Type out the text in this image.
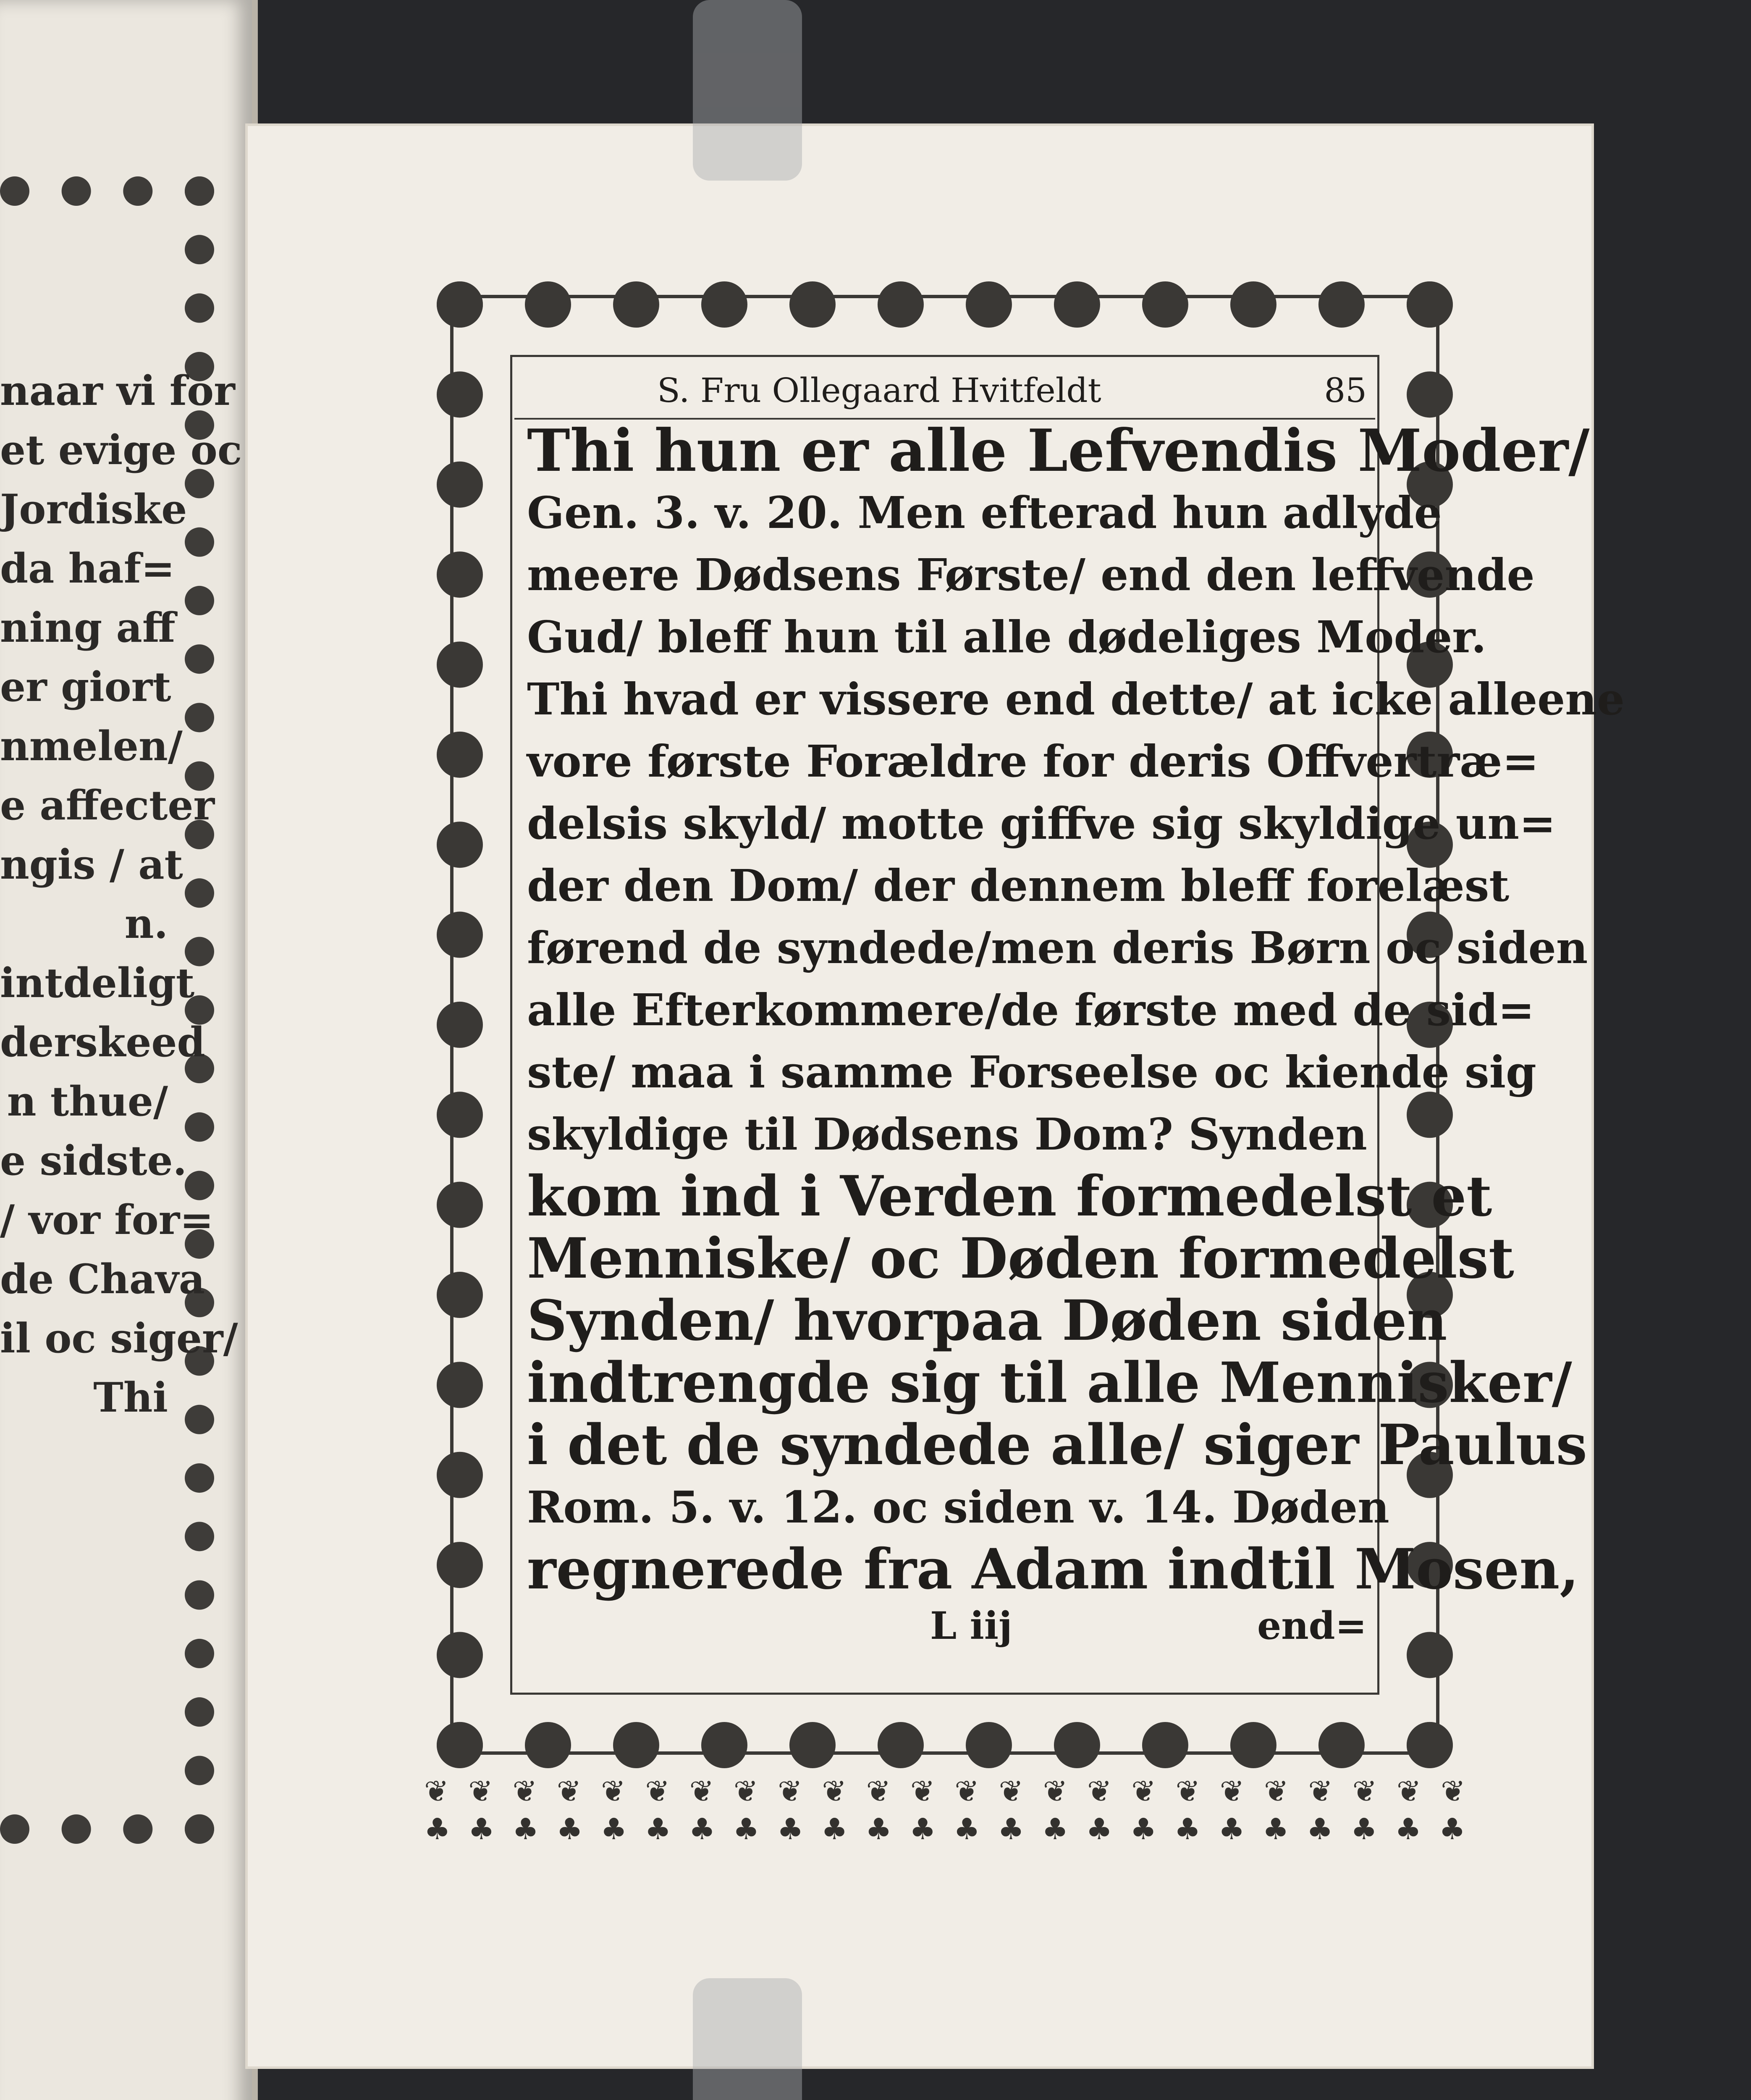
naar vi for
et evige oc
Jordiske
da haf=
ning aff
er giort
nmelen/
e affecter
ngis / at
n.
intdeligt
derskeed
n thue/
e sidste.
/ vor for=
de Chava
il oc siger/
Thi
❦ ❦ ❦ ❦ ❦ ❦ ❦ ❦ ❦ ❦ ❦ ❦ ❦ ❦ ❦ ❦ ❦ ❦ ❦ ❦ ❦ ❦ ❦ ❦
♣ ♣ ♣ ♣ ♣ ♣ ♣ ♣ ♣ ♣ ♣ ♣ ♣ ♣ ♣ ♣ ♣ ♣ ♣ ♣ ♣ ♣ ♣ ♣
S. Fru Ollegaard Hvitfeldt	85
Thi hun er alle Lefvendis Moder/
Gen. 3. v. 20. Men efterad hun adlyde
meere Dødsens Første/ end den leffvende
Gud/ bleff hun til alle dødeliges Moder.
Thi hvad er vissere end dette/ at icke alleene
vore første Forældre for deris Offvertræ=
delsis skyld/ motte giffve sig skyldige un=
der den Dom/ der dennem bleff forelæst
førend de syndede/men deris Børn oc siden
alle Efterkommere/de første med de sid=
ste/ maa i samme Forseelse oc kiende sig
skyldige til Dødsens Dom? Synden
kom ind i Verden formedelst et
Menniske/ oc Døden formedelst
Synden/ hvorpaa Døden siden
indtrengde sig til alle Mennisker/
i det de syndede alle/ siger Paulus
Rom. 5. v. 12. oc siden v. 14. Døden
regnerede fra Adam indtil Mosen,
L iij	end=
